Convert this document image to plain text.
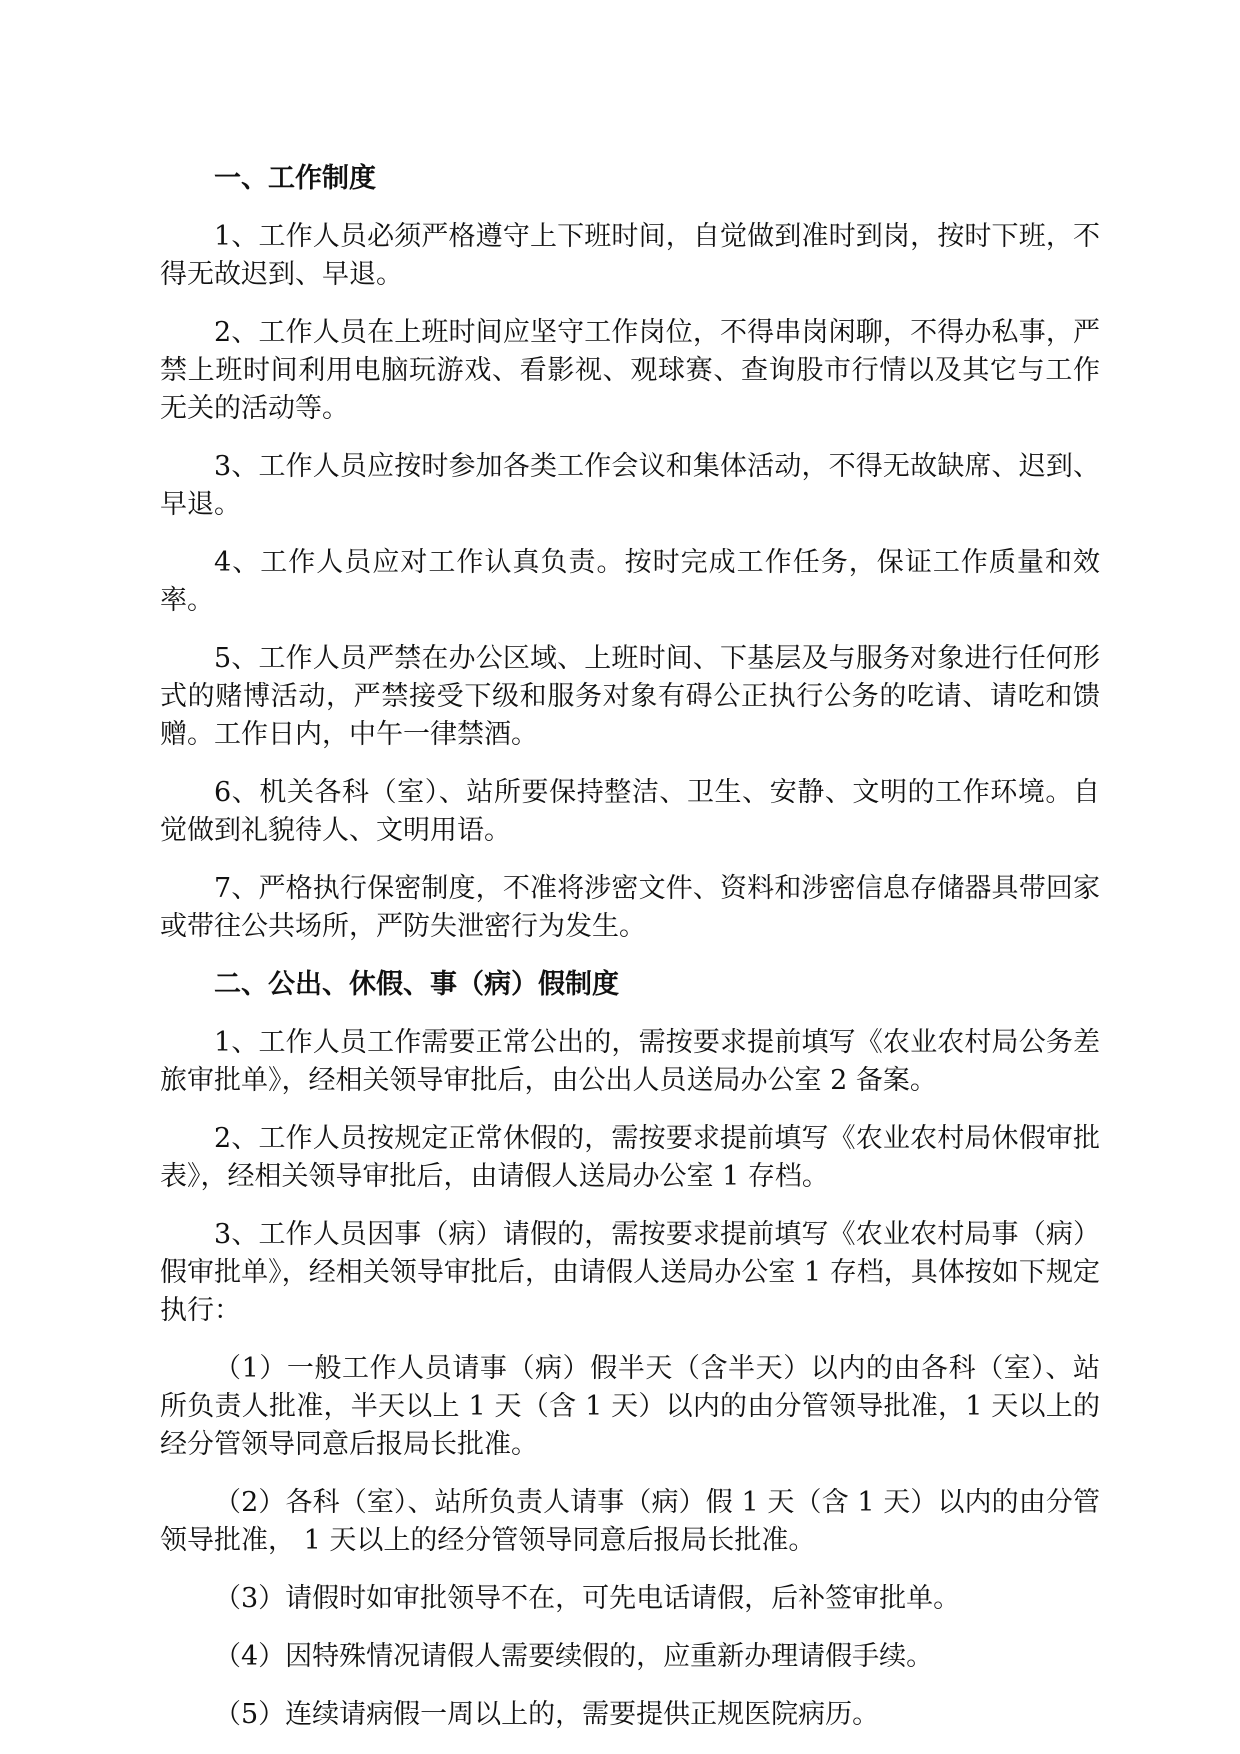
一、工作制度

1、工作人员必须严格遵守上下班时间，自觉做到准时到岗，按时下班，不得无故迟到、早退。

2、工作人员在上班时间应坚守工作岗位，不得串岗闲聊，不得办私事，严禁上班时间利用电脑玩游戏、看影视、观球赛、查询股市行情以及其它与工作无关的活动等。

3、工作人员应按时参加各类工作会议和集体活动，不得无故缺席、迟到、早退。

4、工作人员应对工作认真负责。按时完成工作任务，保证工作质量和效率。

5、工作人员严禁在办公区域、上班时间、下基层及与服务对象进行任何形式的赌博活动，严禁接受下级和服务对象有碍公正执行公务的吃请、请吃和馈赠。工作日内，中午一律禁酒。

6、机关各科（室）、站所要保持整洁、卫生、安静、文明的工作环境。自觉做到礼貌待人、文明用语。

7、严格执行保密制度，不准将涉密文件、资料和涉密信息存储器具带回家或带往公共场所，严防失泄密行为发生。

二、公出、休假、事（病）假制度

1、工作人员工作需要正常公出的，需按要求提前填写《农业农村局公务差旅审批单》，经相关领导审批后，由公出人员送局办公室 2 备案。

2、工作人员按规定正常休假的，需按要求提前填写《农业农村局休假审批表》，经相关领导审批后，由请假人送局办公室 1 存档。

3、工作人员因事（病）请假的，需按要求提前填写《农业农村局事（病）假审批单》，经相关领导审批后，由请假人送局办公室 1 存档，具体按如下规定执行：

（1）一般工作人员请事（病）假半天（含半天）以内的由各科（室）、站所负责人批准，半天以上 1 天（含 1 天）以内的由分管领导批准，1 天以上的经分管领导同意后报局长批准。

（2）各科（室）、站所负责人请事（病）假 1 天（含 1 天）以内的由分管领导批准， 1 天以上的经分管领导同意后报局长批准。

（3）请假时如审批领导不在，可先电话请假，后补签审批单。

（4）因特殊情况请假人需要续假的，应重新办理请假手续。

（5）连续请病假一周以上的，需要提供正规医院病历。
